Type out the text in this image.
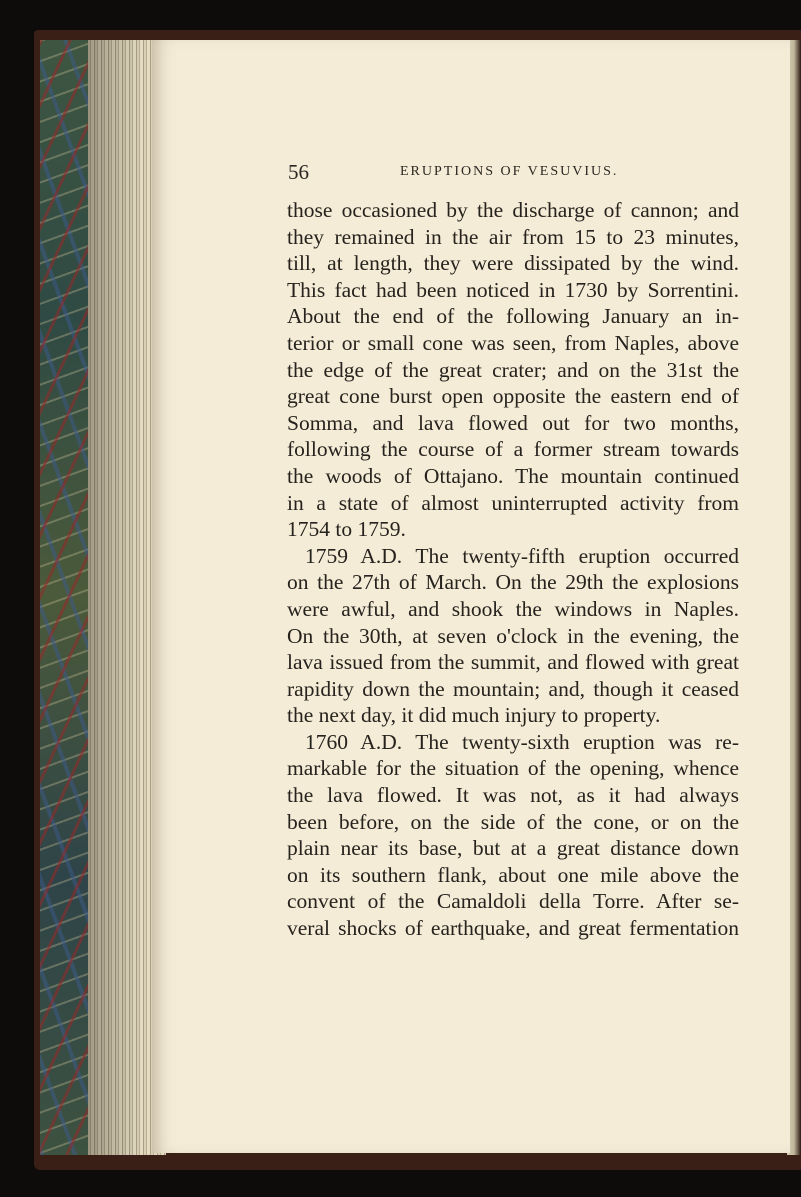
56	ERUPTIONS OF VESUVIUS.
those occasioned by the discharge of cannon; and
they remained in the air from 15 to 23 minutes,
till, at length, they were dissipated by the wind.
This fact had been noticed in 1730 by Sorrentini.
About the end of the following January an in-
terior or small cone was seen, from Naples, above
the edge of the great crater; and on the 31st the
great cone burst open opposite the eastern end of
Somma, and lava flowed out for two months,
following the course of a former stream towards
the woods of Ottajano. The mountain continued
in a state of almost uninterrupted activity from
1754 to 1759.
1759 A.D. The twenty-fifth eruption occurred
on the 27th of March. On the 29th the explosions
were awful, and shook the windows in Naples.
On the 30th, at seven o'clock in the evening, the
lava issued from the summit, and flowed with great
rapidity down the mountain; and, though it ceased
the next day, it did much injury to property.
1760 A.D. The twenty-sixth eruption was re-
markable for the situation of the opening, whence
the lava flowed. It was not, as it had always
been before, on the side of the cone, or on the
plain near its base, but at a great distance down
on its southern flank, about one mile above the
convent of the Camaldoli della Torre. After se-
veral shocks of earthquake, and great fermentation
